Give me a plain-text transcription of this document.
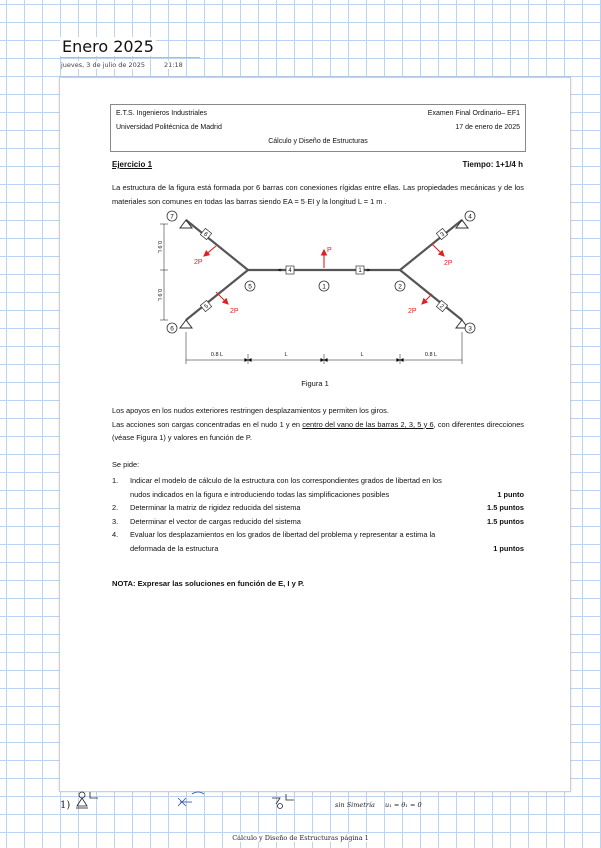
Enero 2025
jueves, 3 de julio de 2025	21:18
E.T.S. Ingenieros Industriales
Universidad Politécnica de Madrid
Examen Final Ordinario– EF1
17 de enero de 2025
Cálculo y Diseño de Estructuras
Ejercicio 1	Tiempo: 1+1/4 h
La estructura de la figura está formada por 6 barras con conexiones rígidas entre ellas. Las propiedades mecánicas y de los materiales son comunes en todas las barras siendo EA = 5·EI y la longitud L = 1 m .
7
6
4
3
5	1	2
4	1
6
5
3
2
P
2P
2P
2P
2P
0.9 L
0.9 L
0.8 L	L	L	0.8 L
Figura 1
Los apoyos en los nudos exteriores restringen desplazamientos y permiten los giros.
Las acciones son cargas concentradas en el nudo 1 y en centro del vano de las barras 2, 3, 5 y 6, con diferentes direcciones (véase Figura 1) y valores en función de P.
Se pide:
1.	Indicar el modelo de cálculo de la estructura con los correspondientes grados de libertad en los nudos indicados en la figura e introduciendo todas las simplificaciones posibles	1 punto
2.	Determinar la matriz de rigidez reducida del sistema	1.5 puntos
3.	Determinar el vector de cargas reducido del sistema	1.5 puntos
4.	Evaluar los desplazamientos en los grados de libertad del problema y representar a estima la deformada de la estructura	1 puntos
NOTA: Expresar las soluciones en función de E, I y P.
1)	sin Simetría u₁ = θ₁ = 0
Cálculo y Diseño de Estructuras página 1
